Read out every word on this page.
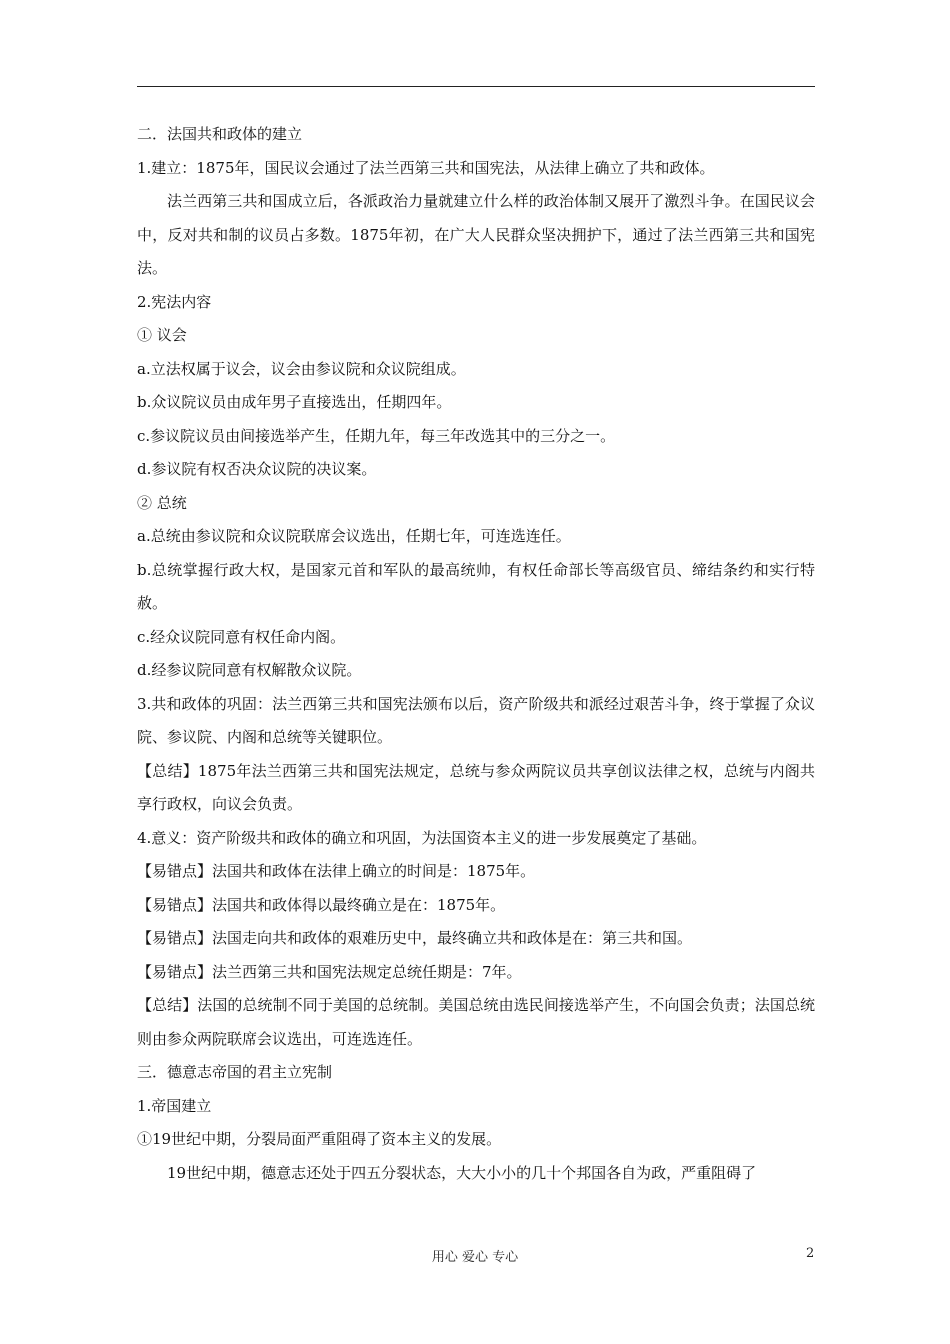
二．法国共和政体的建立

1.建立：1875年，国民议会通过了法兰西第三共和国宪法，从法律上确立了共和政体。

法兰西第三共和国成立后，各派政治力量就建立什么样的政治体制又展开了激烈斗争。在国民议会中，反对共和制的议员占多数。1875年初，在广大人民群众坚决拥护下，通过了法兰西第三共和国宪法。

2.宪法内容

① 议会

a.立法权属于议会，议会由参议院和众议院组成。

b.众议院议员由成年男子直接选出，任期四年。

c.参议院议员由间接选举产生，任期九年，每三年改选其中的三分之一。

d.参议院有权否决众议院的决议案。

② 总统

a.总统由参议院和众议院联席会议选出，任期七年，可连选连任。

b.总统掌握行政大权，是国家元首和军队的最高统帅，有权任命部长等高级官员、缔结条约和实行特赦。

c.经众议院同意有权任命内阁。

d.经参议院同意有权解散众议院。

3.共和政体的巩固：法兰西第三共和国宪法颁布以后，资产阶级共和派经过艰苦斗争，终于掌握了众议院、参议院、内阁和总统等关键职位。

【总结】1875年法兰西第三共和国宪法规定，总统与参众两院议员共享创议法律之权，总统与内阁共享行政权，向议会负责。

4.意义：资产阶级共和政体的确立和巩固，为法国资本主义的进一步发展奠定了基础。

【易错点】法国共和政体在法律上确立的时间是：1875年。

【易错点】法国共和政体得以最终确立是在：1875年。

【易错点】法国走向共和政体的艰难历史中，最终确立共和政体是在：第三共和国。

【易错点】法兰西第三共和国宪法规定总统任期是：7年。

【总结】法国的总统制不同于美国的总统制。美国总统由选民间接选举产生，不向国会负责；法国总统则由参众两院联席会议选出，可连选连任。

三．德意志帝国的君主立宪制

1.帝国建立

①19世纪中期，分裂局面严重阻碍了资本主义的发展。

19世纪中期，德意志还处于四五分裂状态，大大小小的几十个邦国各自为政，严重阻碍了

用心 爱心 专心	2
